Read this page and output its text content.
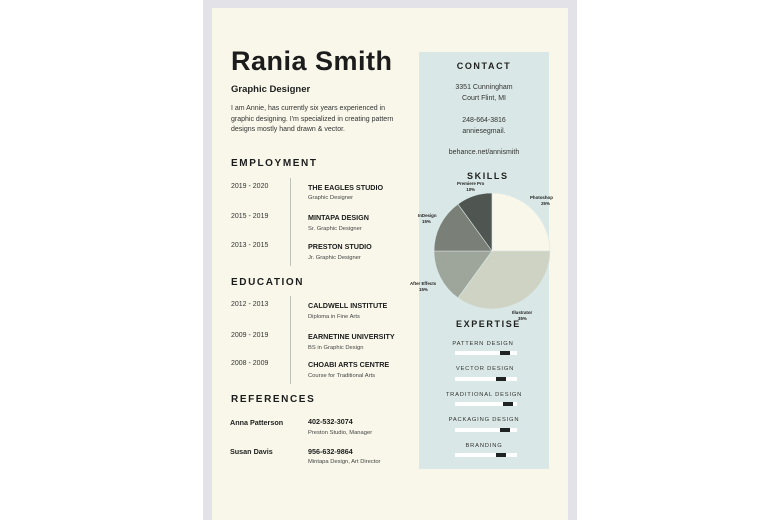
Rania Smith
Graphic Designer
I am Annie, has currently six years experienced in graphic designing. I'm specialized in creating pattern designs mostly hand drawn & vector.
EMPLOYMENT
2019 - 2020	THE EAGLES STUDIO
Graphic Designer
2015 - 2019	MINTAPA DESIGN
Sr. Graphic Designer
2013 - 2015	PRESTON STUDIO
Jr. Graphic Designer
EDUCATION
2012 - 2013	CALDWELL INSTITUTE
Diploma in Fine Arts
2009 - 2019	EARNETINE UNIVERSITY
BS in Graphic Design
2008 - 2009	CHOABI ARTS CENTRE
Course for Traditional Arts
REFERENCES
Anna Patterson	402-532-3074
Preston Studio, Manager
Susan Davis	956-632-9864
Mintapa Design, Art Director
CONTACT
3351 Cunningham
Court Flint, MI
248-664-3816
anniesegmail.
behance.net/annismith
SKILLS
Premiere Pro
10%
Photoshop
25%
InDesign
15%
After Effects
15%
Illustrator
35%
EXPERTISE
PATTERN DESIGN
VECTOR DESIGN
TRADITIONAL DESIGN
PACKAGING DESIGN
BRANDING
